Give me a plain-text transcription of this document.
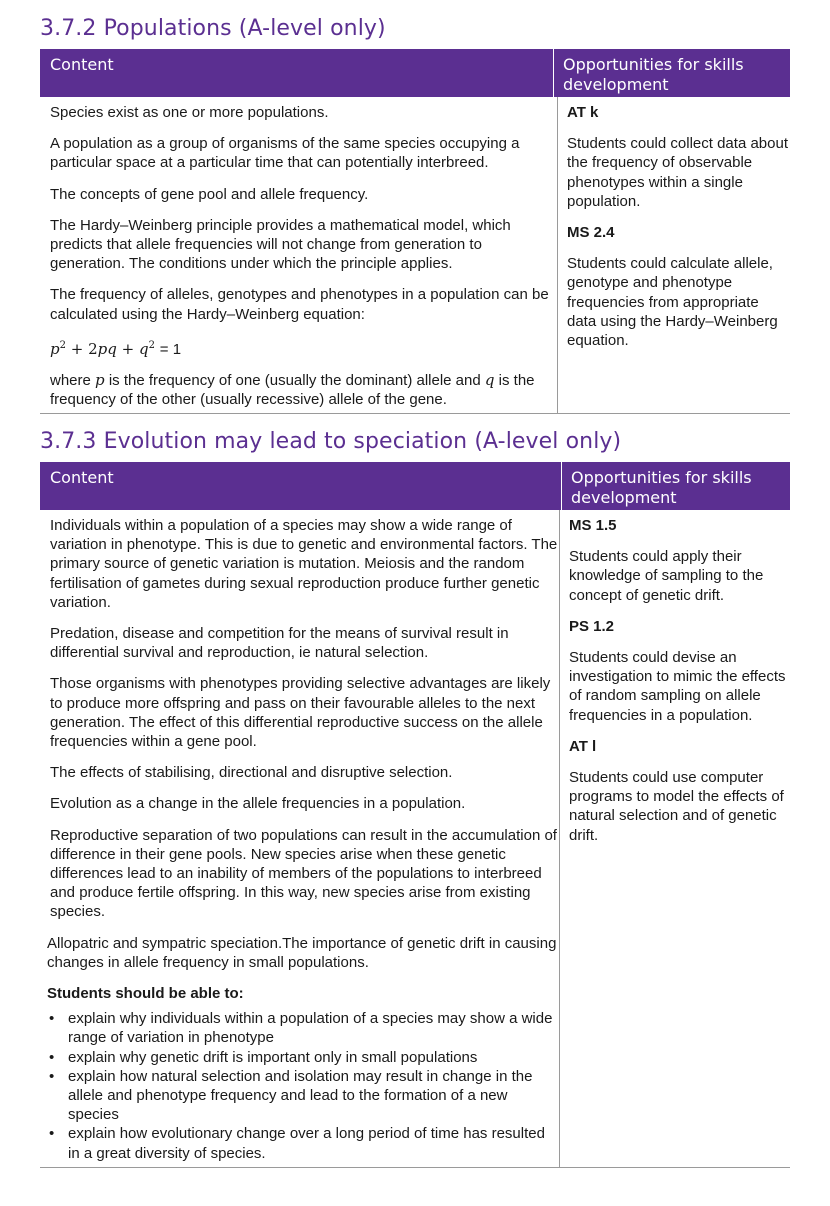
3.7.2 Populations (A-level only)
Content	Opportunities for skills development

Species exist as one or more populations.

A population as a group of organisms of the same species occupying a particular space at a particular time that can potentially interbreed.

The concepts of gene pool and allele frequency.

The Hardy–Weinberg principle provides a mathematical model, which predicts that allele frequencies will not change from generation to generation. The conditions under which the principle applies.

The frequency of alleles, genotypes and phenotypes in a population can be calculated using the Hardy–Weinberg equation:

$p^2 + 2pq + q^2 = 1$

where p is the frequency of one (usually the dominant) allele and q is the frequency of the other (usually recessive) allele of the gene.

AT k

Students could collect data about the frequency of observable phenotypes within a single population.

MS 2.4

Students could calculate allele, genotype and phenotype frequencies from appropriate data using the Hardy–Weinberg equation.

3.7.3 Evolution may lead to speciation (A-level only)
Content	Opportunities for skills development

Individuals within a population of a species may show a wide range of variation in phenotype. This is due to genetic and environmental factors. The primary source of genetic variation is mutation. Meiosis and the random fertilisation of gametes during sexual reproduction produce further genetic variation.

Predation, disease and competition for the means of survival result in differential survival and reproduction, ie natural selection.

Those organisms with phenotypes providing selective advantages are likely to produce more offspring and pass on their favourable alleles to the next generation. The effect of this differential reproductive success on the allele frequencies within a gene pool.

The effects of stabilising, directional and disruptive selection.

Evolution as a change in the allele frequencies in a population.

Reproductive separation of two populations can result in the accumulation of difference in their gene pools. New species arise when these genetic differences lead to an inability of members of the populations to interbreed and produce fertile offspring. In this way, new species arise from existing species.

Allopatric and sympatric speciation.The importance of genetic drift in causing changes in allele frequency in small populations.

Students should be able to:

• explain why individuals within a population of a species may show a wide range of variation in phenotype
• explain why genetic drift is important only in small populations
• explain how natural selection and isolation may result in change in the allele and phenotype frequency and lead to the formation of a new species
• explain how evolutionary change over a long period of time has resulted in a great diversity of species.

MS 1.5

Students could apply their knowledge of sampling to the concept of genetic drift.

PS 1.2

Students could devise an investigation to mimic the effects of random sampling on allele frequencies in a population.

AT l

Students could use computer programs to model the effects of natural selection and of genetic drift.
